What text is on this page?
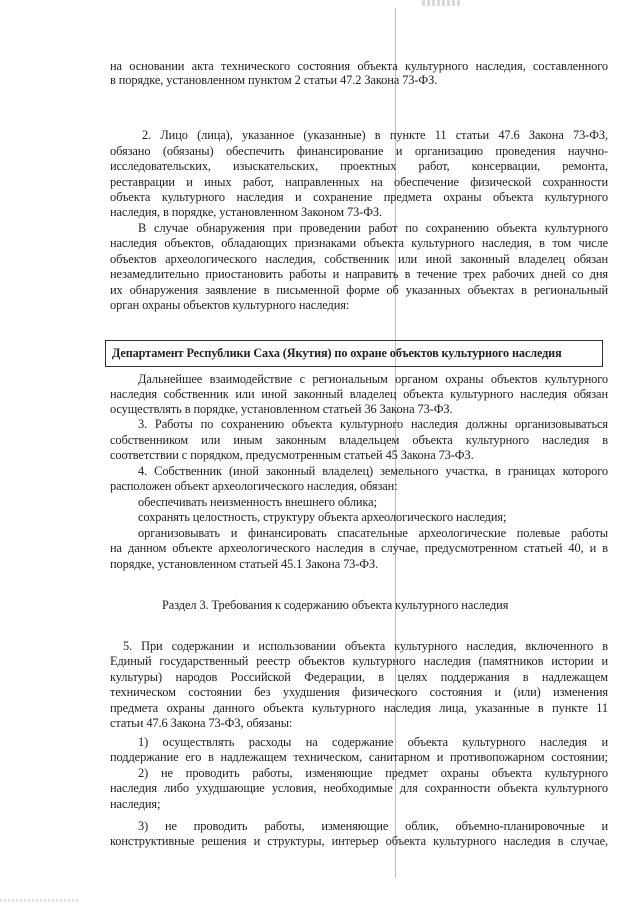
на основании акта технического состояния объекта культурного наследия, составленного

в порядке, установленном пунктом 2 статьи 47.2 Закона 73-ФЗ.

2. Лицо (лица), указанное (указанные) в пункте 11 статьи 47.6 Закона 73-ФЗ,

обязано (обязаны) обеспечить финансирование и организацию проведения научно-

исследовательских, изыскательских, проектных работ, консервации, ремонта,

реставрации и иных работ, направленных на обеспечение физической сохранности

объекта культурного наследия и сохранение предмета охраны объекта культурного

наследия, в порядке, установленном Законом 73-ФЗ.

В случае обнаружения при проведении работ по сохранению объекта культурного

наследия объектов, обладающих признаками объекта культурного наследия, в том числе

объектов археологического наследия, собственник или иной законный владелец обязан

незамедлительно приостановить работы и направить в течение трех рабочих дней со дня

их обнаружения заявление в письменной форме об указанных объектах в региональный

орган охраны объектов культурного наследия:

Департамент Республики Саха (Якутия) по охране объектов культурного наследия

Дальнейшее взаимодействие с региональным органом охраны объектов культурного

наследия собственник или иной законный владелец объекта культурного наследия обязан

осуществлять в порядке, установленном статьей 36 Закона 73-ФЗ.

3. Работы по сохранению объекта культурного наследия должны организовываться

собственником или иным законным владельцем объекта культурного наследия в

соответствии с порядком, предусмотренным статьей 45 Закона 73-ФЗ.

4. Собственник (иной законный владелец) земельного участка, в границах которого

расположен объект археологического наследия, обязан:

обеспечивать неизменность внешнего облика;

сохранять целостность, структуру объекта археологического наследия;

организовывать и финансировать спасательные археологические полевые работы

на данном объекте археологического наследия в случае, предусмотренном статьей 40, и в

порядке, установленном статьей 45.1 Закона 73-ФЗ.

Раздел 3. Требования к содержанию объекта культурного наследия

5. При содержании и использовании объекта культурного наследия, включенного в

Единый государственный реестр объектов культурного наследия (памятников истории и

культуры) народов Российской Федерации, в целях поддержания в надлежащем

техническом состоянии без ухудшения физического состояния и (или) изменения

предмета охраны данного объекта культурного наследия лица, указанные в пункте 11

статьи 47.6 Закона 73-ФЗ, обязаны:

1) осуществлять расходы на содержание объекта культурного наследия и

поддержание его в надлежащем техническом, санитарном и противопожарном состоянии;

2) не проводить работы, изменяющие предмет охраны объекта культурного

наследия либо ухудшающие условия, необходимые для сохранности объекта культурного

наследия;

3) не проводить работы, изменяющие облик, объемно-планировочные и

конструктивные решения и структуры, интерьер объекта культурного наследия в случае,
